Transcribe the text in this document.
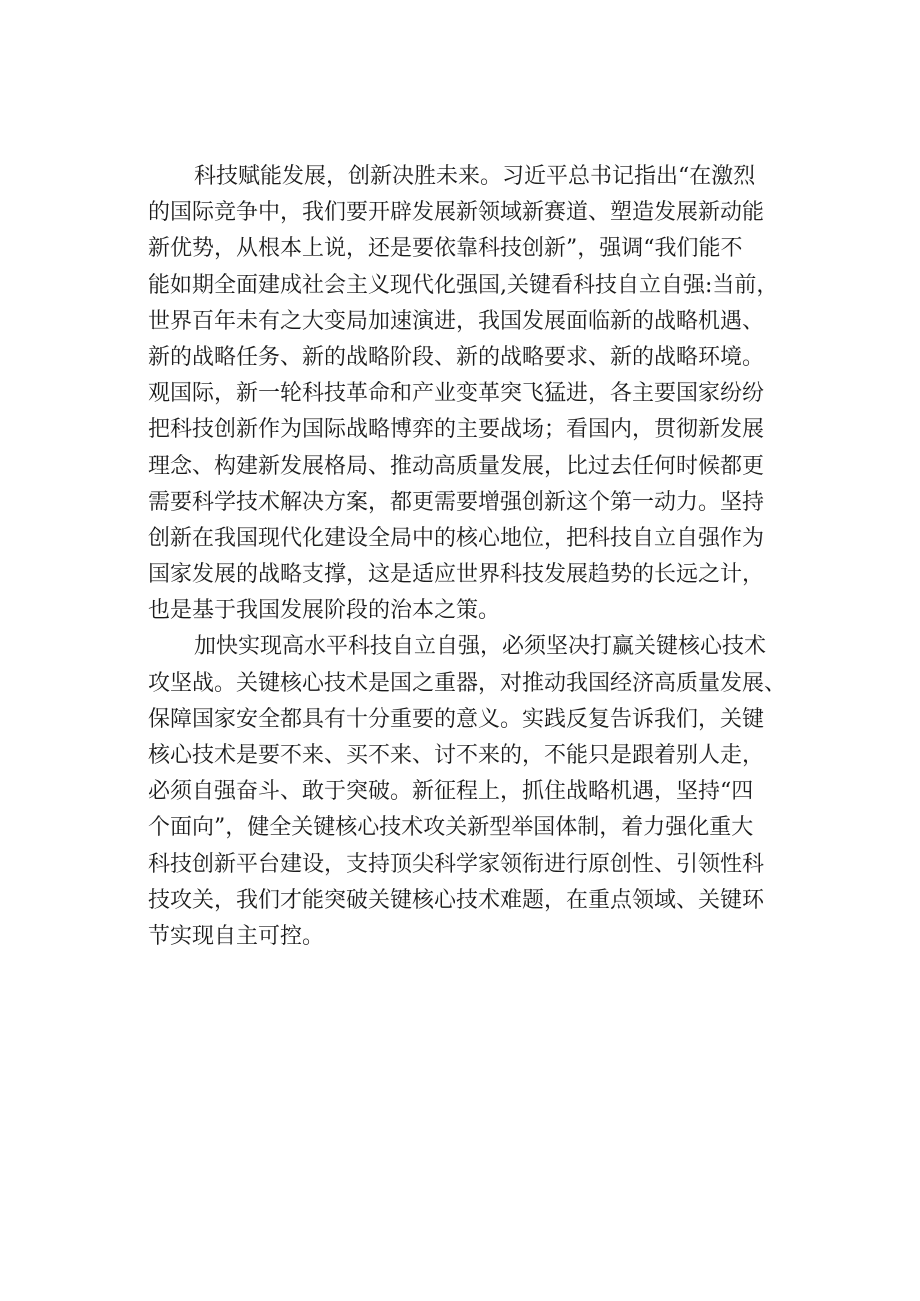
科技赋能发展，创新决胜未来。习近平总书记指出“在激烈
的国际竞争中，我们要开辟发展新领域新赛道、塑造发展新动能
新优势，从根本上说，还是要依靠科技创新”，强调“我们能不
能如期全面建成社会主义现代化强国,关键看科技自立自强:当前，
世界百年未有之大变局加速演进，我国发展面临新的战略机遇、
新的战略任务、新的战略阶段、新的战略要求、新的战略环境。
观国际，新一轮科技革命和产业变革突飞猛进，各主要国家纷纷
把科技创新作为国际战略博弈的主要战场；看国内，贯彻新发展
理念、构建新发展格局、推动高质量发展，比过去任何时候都更
需要科学技术解决方案，都更需要增强创新这个第一动力。坚持
创新在我国现代化建设全局中的核心地位，把科技自立自强作为
国家发展的战略支撑，这是适应世界科技发展趋势的长远之计，
也是基于我国发展阶段的治本之策。

加快实现高水平科技自立自强，必须坚决打赢关键核心技术
攻坚战。关键核心技术是国之重器，对推动我国经济高质量发展、
保障国家安全都具有十分重要的意义。实践反复告诉我们，关键
核心技术是要不来、买不来、讨不来的，不能只是跟着别人走，
必须自强奋斗、敢于突破。新征程上，抓住战略机遇，坚持“四
个面向”，健全关键核心技术攻关新型举国体制，着力强化重大
科技创新平台建设，支持顶尖科学家领衔进行原创性、引领性科
技攻关，我们才能突破关键核心技术难题，在重点领域、关键环
节实现自主可控。
